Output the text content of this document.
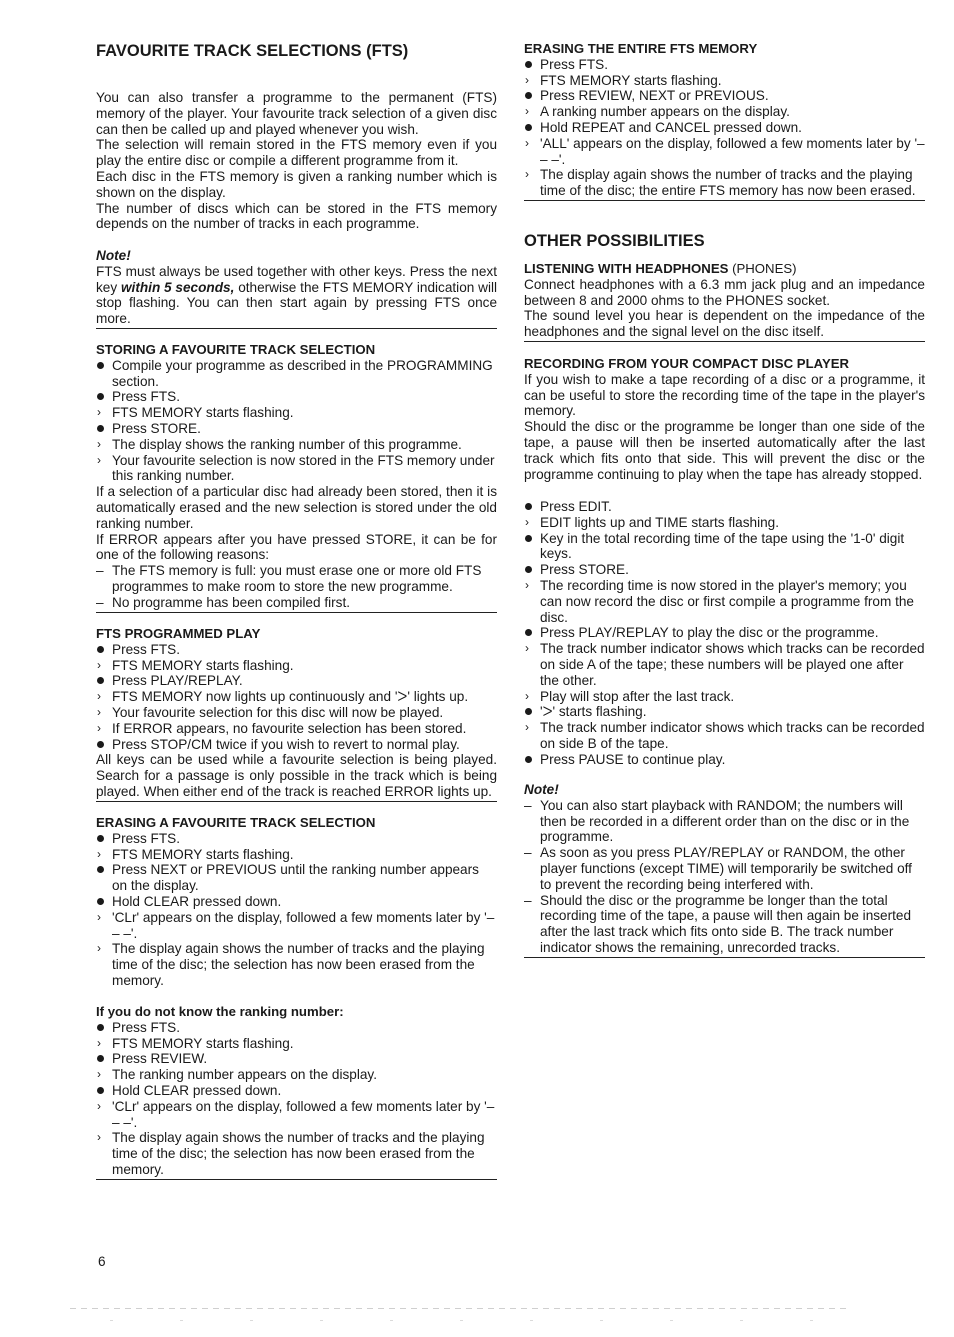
FAVOURITE TRACK SELECTIONS (FTS)

You can also transfer a programme to the permanent (FTS) memory of the player. Your favourite track selection of a given disc can then be called up and played whenever you wish.

The selection will remain stored in the FTS memory even if you play the entire disc or compile a different programme from it.

Each disc in the FTS memory is given a ranking number which is shown on the display.

The number of discs which can be stored in the FTS memory depends on the number of tracks in each programme.

Note!

FTS must always be used together with other keys. Press the next key within 5 seconds, otherwise the FTS MEMORY indication will stop flashing. You can then start again by pressing FTS once more.

STORING A FAVOURITE TRACK SELECTION
Compile your programme as described in the PROGRAMMING section.
Press FTS.
› FTS MEMORY starts flashing.
Press STORE.
› The display shows the ranking number of this programme.
› Your favourite selection is now stored in the FTS memory under this ranking number.

If a selection of a particular disc had already been stored, then it is automatically erased and the new selection is stored under the old ranking number.

If ERROR appears after you have pressed STORE, it can be for one of the following reasons:

– The FTS memory is full: you must erase one or more old FTS programmes to make room to store the new programme.
– No programme has been compiled first.
FTS PROGRAMMED PLAY
Press FTS.
› FTS MEMORY starts flashing.
Press PLAY/REPLAY.
› FTS MEMORY now lights up continuously and 'ᐳ' lights up.
› Your favourite selection for this disc will now be played.
› If ERROR appears, no favourite selection has been stored.
Press STOP/CM twice if you wish to revert to normal play.

All keys can be used while a favourite selection is being played. Search for a passage is only possible in the track which is being played. When either end of the track is reached ERROR lights up.

ERASING A FAVOURITE TRACK SELECTION
Press FTS.
› FTS MEMORY starts flashing.
Press NEXT or PREVIOUS until the ranking number appears on the display.
Hold CLEAR pressed down.
› 'CLr' appears on the display, followed a few moments later by '– – –'.
› The display again shows the number of tracks and the playing time of the disc; the selection has now been erased from the memory.
If you do not know the ranking number:
Press FTS.
› FTS MEMORY starts flashing.
Press REVIEW.
› The ranking number appears on the display.
Hold CLEAR pressed down.
› 'CLr' appears on the display, followed a few moments later by '– – –'.
› The display again shows the number of tracks and the playing time of the disc; the selection has now been erased from the memory.
ERASING THE ENTIRE FTS MEMORY
Press FTS.
› FTS MEMORY starts flashing.
Press REVIEW, NEXT or PREVIOUS.
› A ranking number appears on the display.
Hold REPEAT and CANCEL pressed down.
› 'ALL' appears on the display, followed a few moments later by '– – –'.
› The display again shows the number of tracks and the playing time of the disc; the entire FTS memory has now been erased.
OTHER POSSIBILITIES
LISTENING WITH HEADPHONES (PHONES)

Connect headphones with a 6.3 mm jack plug and an impedance between 8 and 2000 ohms to the PHONES socket.

The sound level you hear is dependent on the impedance of the headphones and the signal level on the disc itself.

RECORDING FROM YOUR COMPACT DISC PLAYER

If you wish to make a tape recording of a disc or a programme, it can be useful to store the recording time of the tape in the player's memory.

Should the disc or the programme be longer than one side of the tape, a pause will then be inserted automatically after the last track which fits onto that side. This will prevent the disc or the programme continuing to play when the tape has already stopped.

Press EDIT.
› EDIT lights up and TIME starts flashing.
Key in the total recording time of the tape using the '1-0' digit keys.
Press STORE.
› The recording time is now stored in the player's memory; you can now record the disc or first compile a programme from the disc.
Press PLAY/REPLAY to play the disc or the programme.
› The track number indicator shows which tracks can be recorded on side A of the tape; these numbers will be played one after the other.
› Play will stop after the last track.
'ᐳ' starts flashing.
› The track number indicator shows which tracks can be recorded on side B of the tape.
Press PAUSE to continue play.
Note!
– You can also start playback with RANDOM; the numbers will then be recorded in a different order than on the disc or in the programme.
– As soon as you press PLAY/REPLAY or RANDOM, the other player functions (except TIME) will temporarily be switched off to prevent the recording being interfered with.
– Should the disc or the programme be longer than the total recording time of the tape, a pause will then again be inserted after the last track which fits onto side B. The track number indicator shows the remaining, unrecorded tracks.
6
